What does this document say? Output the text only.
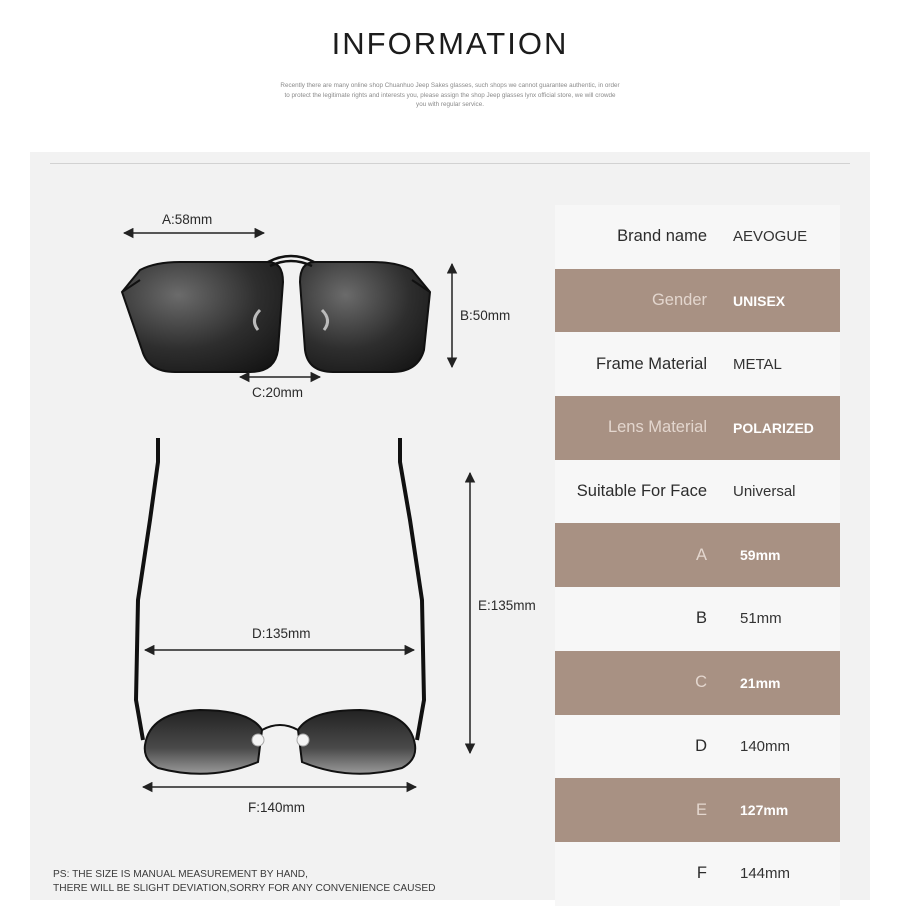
INFORMATION
Recently there are many online shop Chuanhuo Jeep Sakes glasses, such shops we cannot guarantee authentic, in order
to protect the legitimate rights and interests you, please assign the shop Jeep glasses lynx official store, we will crowde
you with regular service.
A:58mm
B:50mm
C:20mm
D:135mm
E:135mm
F:140mm
Brand name AEVOGUE
Gender UNISEX
Frame Material METAL
Lens Material POLARIZED
Suitable For Face Universal
A 59mm
B 51mm
C 21mm
D 140mm
E 127mm
F 144mm
PS: THE SIZE IS MANUAL MEASUREMENT BY HAND,
THERE WILL BE SLIGHT DEVIATION,SORRY FOR ANY CONVENIENCE CAUSED
